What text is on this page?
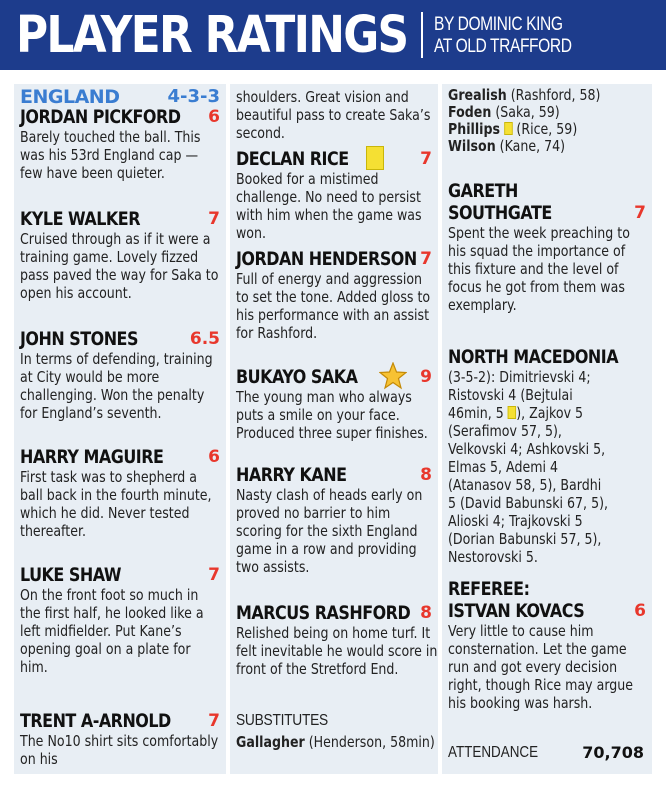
PLAYER RATINGS BY DOMINIC KING
AT OLD TRAFFORD
ENGLAND	4-3-3
JORDAN PICKFORD 6
Barely touched the ball. This was his 53rd England cap — few have been quieter.
KYLE WALKER	7
Cruised through as if it were a training game. Lovely fizzed pass paved the way for Saka to open his account.
JOHN STONES	6.5
In terms of defending, training at City would be more challenging. Won the penalty for England’s seventh.
HARRY MAGUIRE	6
First task was to shepherd a ball back in the fourth minute, which he did. Never tested thereafter.
LUKE SHAW	7
On the front foot so much in the first half, he looked like a left midfielder. Put Kane’s opening goal on a plate for him.
TRENT A-ARNOLD 7
The No10 shirt sits comfortably on his
shoulders. Great vision and beautiful pass to create Saka’s second.
DECLAN RICE	7
Booked for a mistimed challenge. No need to persist with him when the game was won.
JORDAN HENDERSON 7
Full of energy and aggression to set the tone. Added gloss to his performance with an assist for Rashford.
BUKAYO SAKA	9
The young man who always puts a smile on your face. Produced three super finishes.
HARRY KANE	8
Nasty clash of heads early on proved no barrier to him scoring for the sixth England game in a row and providing two assists.
MARCUS RASHFORD 8
Relished being on home turf. It felt inevitable he would score in front of the Stretford End.
SUBSTITUTES
Gallagher (Henderson, 58min)
Grealish (Rashford, 58)
Foden (Saka, 59)
Phillips (Rice, 59)
Wilson (Kane, 74)
GARETH
SOUTHGATE	7
Spent the week preaching to his squad the importance of this fixture and the level of focus he got from them was exemplary.
NORTH MACEDONIA
(3-5-2): Dimitrievski 4;
Ristovski 4 (Bejtulai
46min, 5 ), Zajkov 5
(Serafimov 57, 5),
Velkovski 4; Ashkovski 5,
Elmas 5, Ademi 4
(Atanasov 58, 5), Bardhi
5 (David Babunski 67, 5),
Alioski 4; Trajkovski 5
(Dorian Babunski 57, 5),
Nestorovski 5.
REFEREE:
ISTVAN KOVACS	6
Very little to cause him consternation. Let the game run and got every decision right, though Rice may argue his booking was harsh.
ATTENDANCE	70,708
